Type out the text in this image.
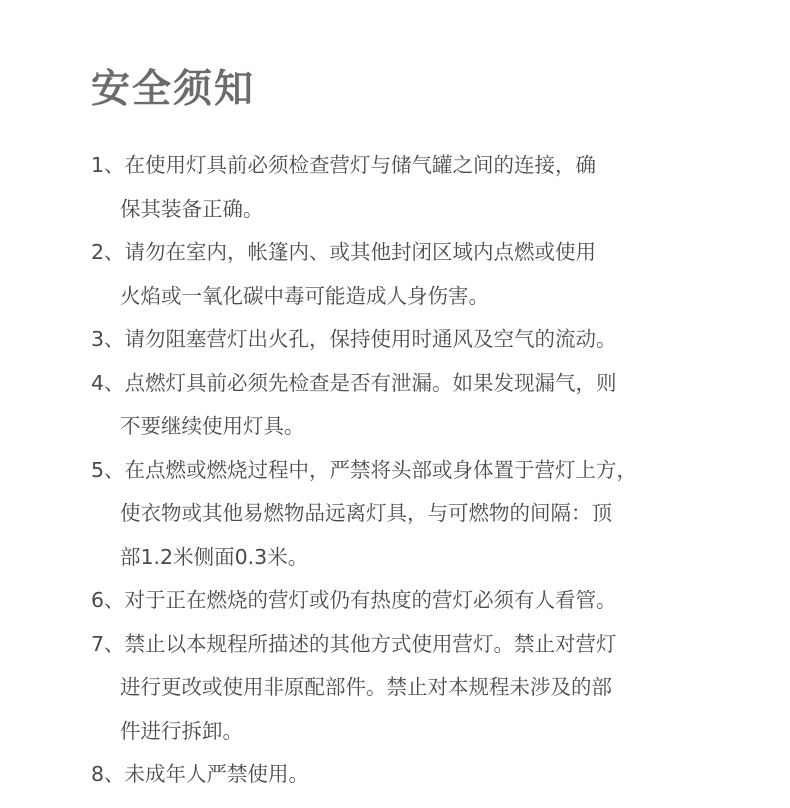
安全须知
1、在使用灯具前必须检查营灯与储气罐之间的连接，确
保其装备正确。
2、请勿在室内，帐篷内、或其他封闭区域内点燃或使用
火焰或一氧化碳中毒可能造成人身伤害。
3、请勿阻塞营灯出火孔，保持使用时通风及空气的流动。
4、点燃灯具前必须先检查是否有泄漏。如果发现漏气，则
不要继续使用灯具。
5、在点燃或燃烧过程中，严禁将头部或身体置于营灯上方，
使衣物或其他易燃物品远离灯具，与可燃物的间隔：顶
部1.2米侧面0.3米。
6、对于正在燃烧的营灯或仍有热度的营灯必须有人看管。
7、禁止以本规程所描述的其他方式使用营灯。禁止对营灯
进行更改或使用非原配部件。禁止对本规程未涉及的部
件进行拆卸。
8、未成年人严禁使用。
